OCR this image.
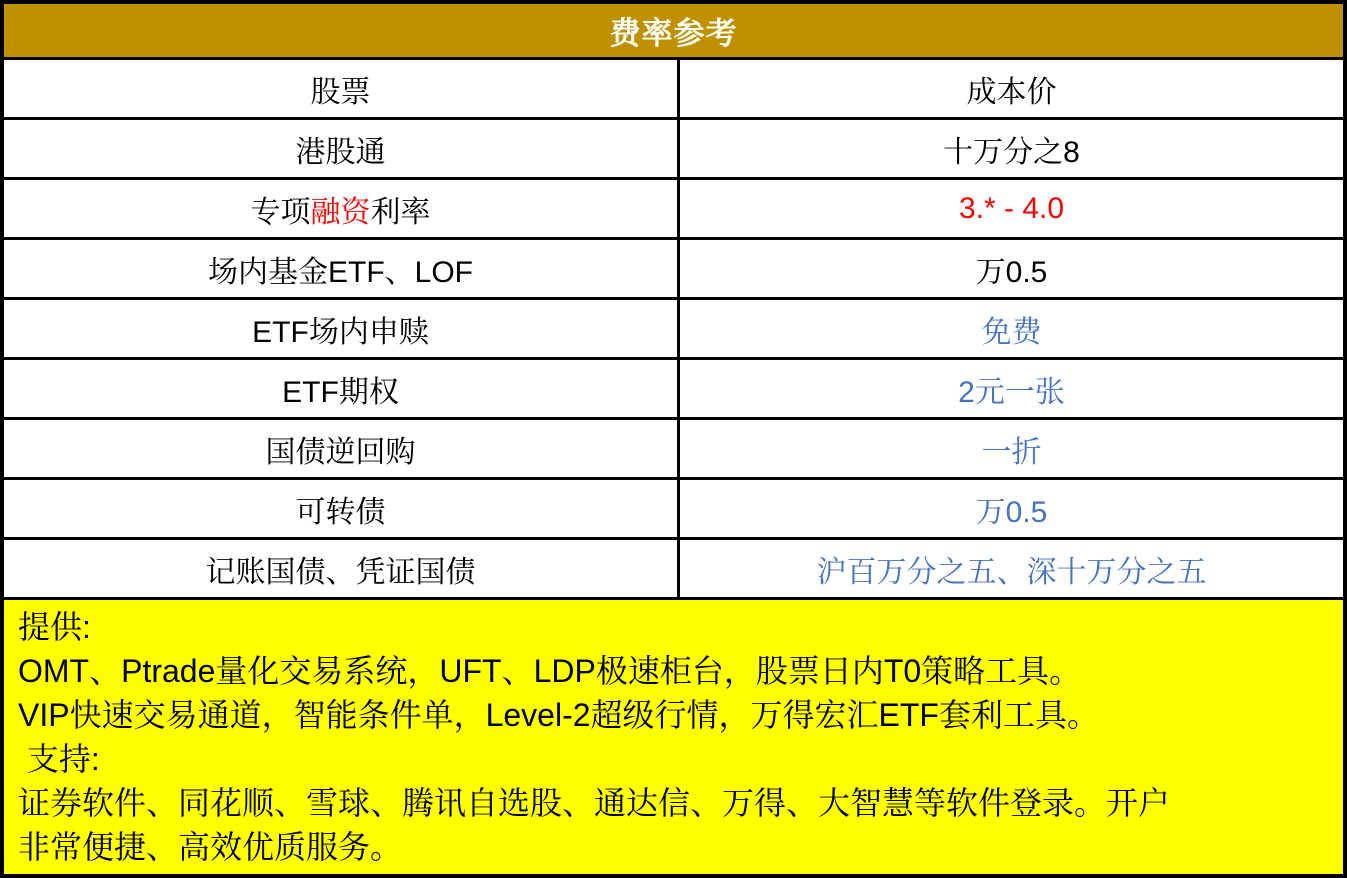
费率参考
股票	成本价
港股通	十万分之8
专项 融资 利率	3.* - 4.0
场内基金ETF、LOF	万0.5
ETF场内申赎	免费
ETF期权	2元一张
国债逆回购	一折
可转债	万0.5
记账国债、凭证国债	沪百万分之五、深十万分之五
提供:
OMT、Ptrade量化交易系统，UFT、LDP极速柜台，股票日内T0策略工具。
VIP快速交易通道，智能条件单，Level-2超级行情，万得宏汇ETF套利工具。
支持:
证券软件、同花顺、雪球、腾讯自选股、通达信、万得、大智慧等软件登录。开户
非常便捷、高效优质服务。
